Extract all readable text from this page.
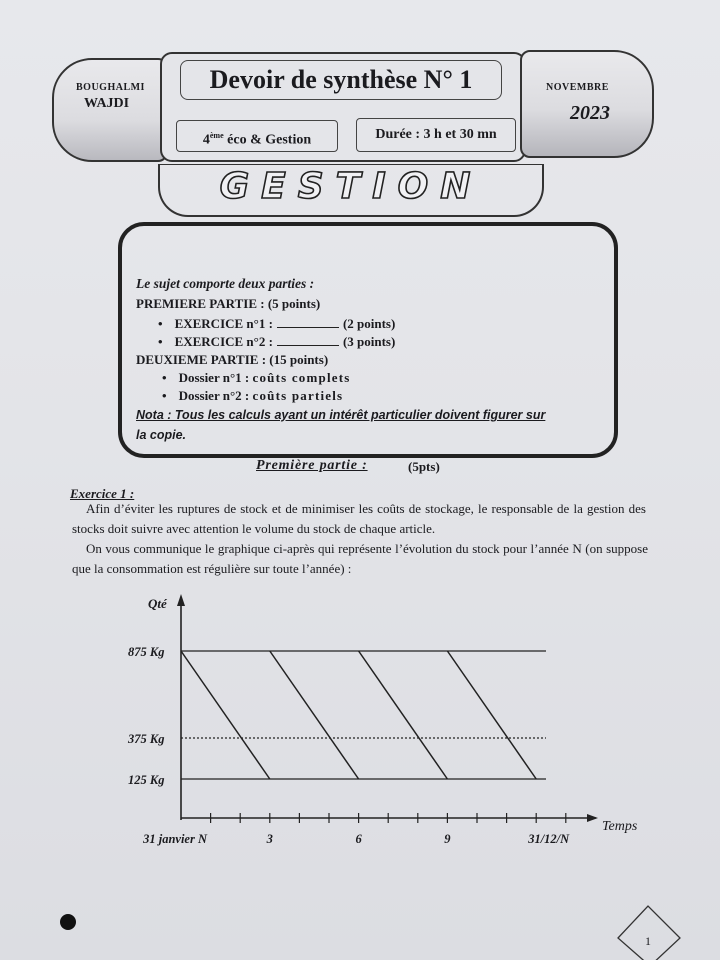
BOUGHALMI
WAJDI
Devoir de synthèse N° 1
4ème éco & Gestion	Durée : 3 h et 30 mn
NOVEMBRE
2023
GESTION
Le sujet comporte deux parties :
PREMIERE PARTIE : (5 points)
• EXERCICE n°1 :	(2 points)
• EXERCICE n°2 :	(3 points)
DEUXIEME PARTIE : (15 points)
• Dossier n°1 : coûts complets
• Dossier n°2 : coûts partiels
Nota : Tous les calculs ayant un intérêt particulier doivent figurer sur
la copie.
Première partie :	(5pts)
Exercice 1 :
Afin d’éviter les ruptures de stock et de minimiser les coûts de stockage, le responsable de la gestion des stocks doit suivre avec attention le volume du stock de chaque article.
On vous communique le graphique ci-après qui représente l’évolution du stock pour l’année N (on suppose que la consommation est régulière sur toute l’année) :
Qté
Temps
875 Kg
375 Kg
125 Kg
31 janvier N	3	6	9	31/12/N
1
